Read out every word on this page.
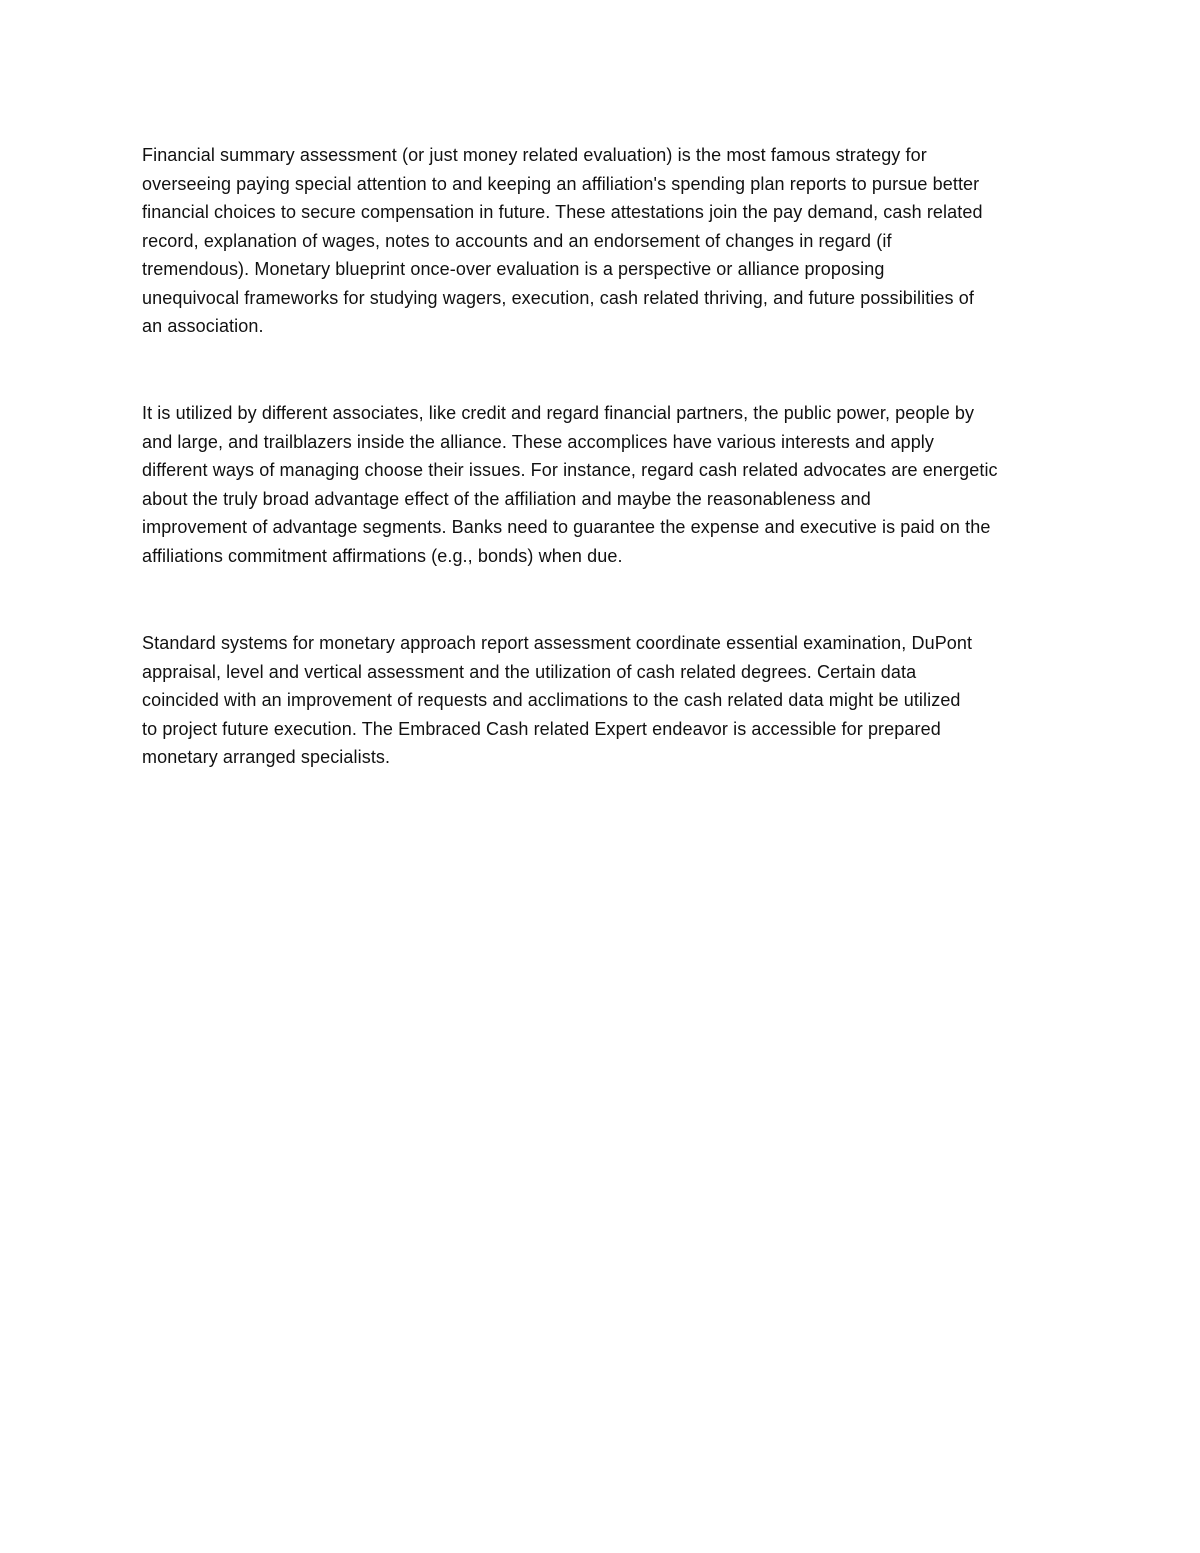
Financial summary assessment (or just money related evaluation) is the most famous strategy for
overseeing paying special attention to and keeping an affiliation's spending plan reports to pursue better
financial choices to secure compensation in future. These attestations join the pay demand, cash related
record, explanation of wages, notes to accounts and an endorsement of changes in regard (if
tremendous). Monetary blueprint once-over evaluation is a perspective or alliance proposing
unequivocal frameworks for studying wagers, execution, cash related thriving, and future possibilities of
an association.
It is utilized by different associates, like credit and regard financial partners, the public power, people by
and large, and trailblazers inside the alliance. These accomplices have various interests and apply
different ways of managing choose their issues. For instance, regard cash related advocates are energetic
about the truly broad advantage effect of the affiliation and maybe the reasonableness and
improvement of advantage segments. Banks need to guarantee the expense and executive is paid on the
affiliations commitment affirmations (e.g., bonds) when due.
Standard systems for monetary approach report assessment coordinate essential examination, DuPont
appraisal, level and vertical assessment and the utilization of cash related degrees. Certain data
coincided with an improvement of requests and acclimations to the cash related data might be utilized
to project future execution. The Embraced Cash related Expert endeavor is accessible for prepared
monetary arranged specialists.
